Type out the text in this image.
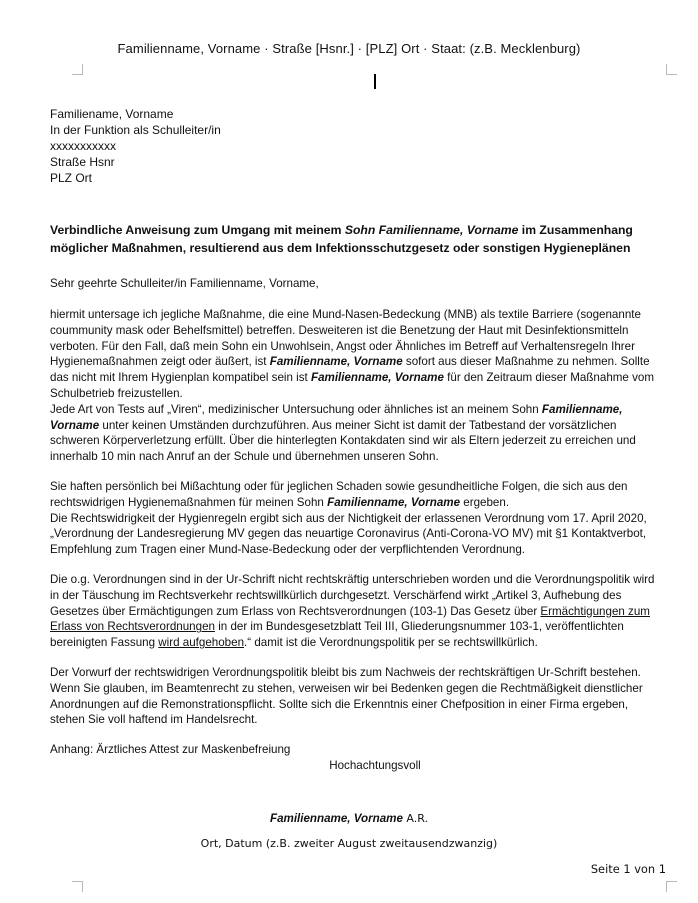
Familienname, Vorname · Straße [Hsnr.] · [PLZ] Ort · Staat: (z.B. Mecklenburg)
Familiename, Vorname
In der Funktion als Schulleiter/in
xxxxxxxxxxx
Straße Hsnr
PLZ Ort
Verbindliche Anweisung zum Umgang mit meinem Sohn Familienname, Vorname im Zusammenhang möglicher Maßnahmen, resultierend aus dem Infektionsschutzgesetz oder sonstigen Hygieneplänen
Sehr geehrte Schulleiter/in Familienname, Vorname,
hiermit untersage ich jegliche Maßnahme, die eine Mund-Nasen-Bedeckung (MNB) als textile Barriere (sogenannte coummunity mask oder Behelfsmittel) betreffen. Desweiteren ist die Benetzung der Haut mit Desinfektionsmitteln verboten. Für den Fall, daß mein Sohn ein Unwohlsein, Angst oder Ähnliches im Betreff auf Verhaltensregeln Ihrer Hygienemaßnahmen zeigt oder äußert, ist Familienname, Vorname sofort aus dieser Maßnahme zu nehmen. Sollte das nicht mit Ihrem Hygienplan kompatibel sein ist Familienname, Vorname für den Zeitraum dieser Maßnahme vom Schulbetrieb freizustellen.
Jede Art von Tests auf „Viren“, medizinischer Untersuchung oder ähnliches ist an meinem Sohn Familienname, Vorname unter keinen Umständen durchzuführen. Aus meiner Sicht ist damit der Tatbestand der vorsätzlichen schweren Körperverletzung erfüllt. Über die hinterlegten Kontakdaten sind wir als Eltern jederzeit zu erreichen und innerhalb 10 min nach Anruf an der Schule und übernehmen unseren Sohn.
Sie haften persönlich bei Mißachtung oder für jeglichen Schaden sowie gesundheitliche Folgen, die sich aus den rechtswidrigen Hygienemaßnahmen für meinen Sohn Familienname, Vorname ergeben.
Die Rechtswidrigkeit der Hygienregeln ergibt sich aus der Nichtigkeit der erlassenen Verordnung vom 17. April 2020, „Verordnung der Landesregierung MV gegen das neuartige Coronavirus (Anti-Corona-VO MV) mit §1 Kontaktverbot, Empfehlung zum Tragen einer Mund-Nase-Bedeckung oder der verpflichtenden Verordnung.
Die o.g. Verordnungen sind in der Ur-Schrift nicht rechtskräftig unterschrieben worden und die Verordnungspolitik wird in der Täuschung im Rechtsverkehr rechtswillkürlich durchgesetzt. Verschärfend wirkt „Artikel 3, Aufhebung des Gesetzes über Ermächtigungen zum Erlass von Rechtsverordnungen (103-1) Das Gesetz über Ermächtigungen zum Erlass von Rechtsverordnungen in der im Bundesgesetzblatt Teil III, Gliederungsnummer 103-1, veröffentlichten bereinigten Fassung wird aufgehoben.“ damit ist die Verordnungspolitik per se rechtswillkürlich.
Der Vorwurf der rechtswidrigen Verordnungspolitik bleibt bis zum Nachweis der rechtskräftigen Ur-Schrift bestehen. Wenn Sie glauben, im Beamtenrecht zu stehen, verweisen wir bei Bedenken gegen die Rechtmäßigkeit dienstlicher Anordnungen auf die Remonstrationspflicht. Sollte sich die Erkenntnis einer Chefposition in einer Firma ergeben, stehen Sie voll haftend im Handelsrecht.
Anhang: Ärztliches Attest zur Maskenbefreiung
Hochachtungsvoll
Familienname, Vorname A.R.
Ort, Datum (z.B. zweiter August zweitausendzwanzig)
Seite 1 von 1
